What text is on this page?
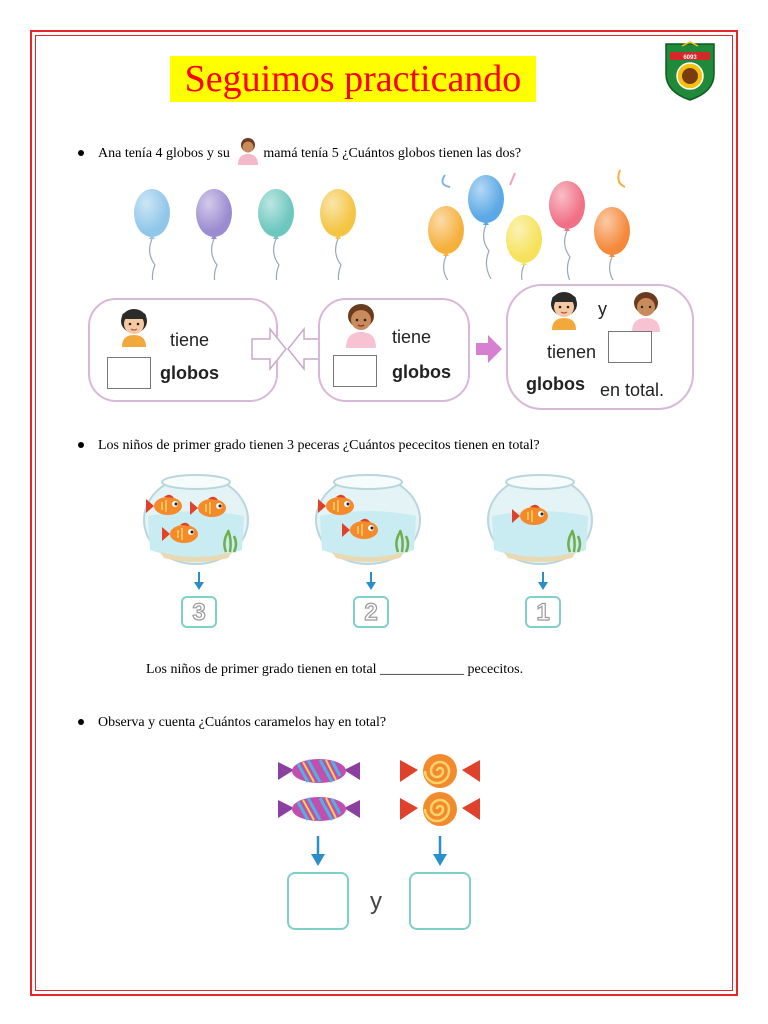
Seguimos practicando	6093
Ana tenía 4 globos y su mamá tenía 5 ¿Cuántos globos tienen las dos?
tiene
globos
tiene
globos
y
tienen
globos en total.
Los niños de primer grado tienen 3 peceras ¿Cuántos pececitos tienen en total?
3	2	1
Los niños de primer grado tienen en total ____________ pececitos.
Observa y cuenta ¿Cuántos caramelos hay en total?
y
